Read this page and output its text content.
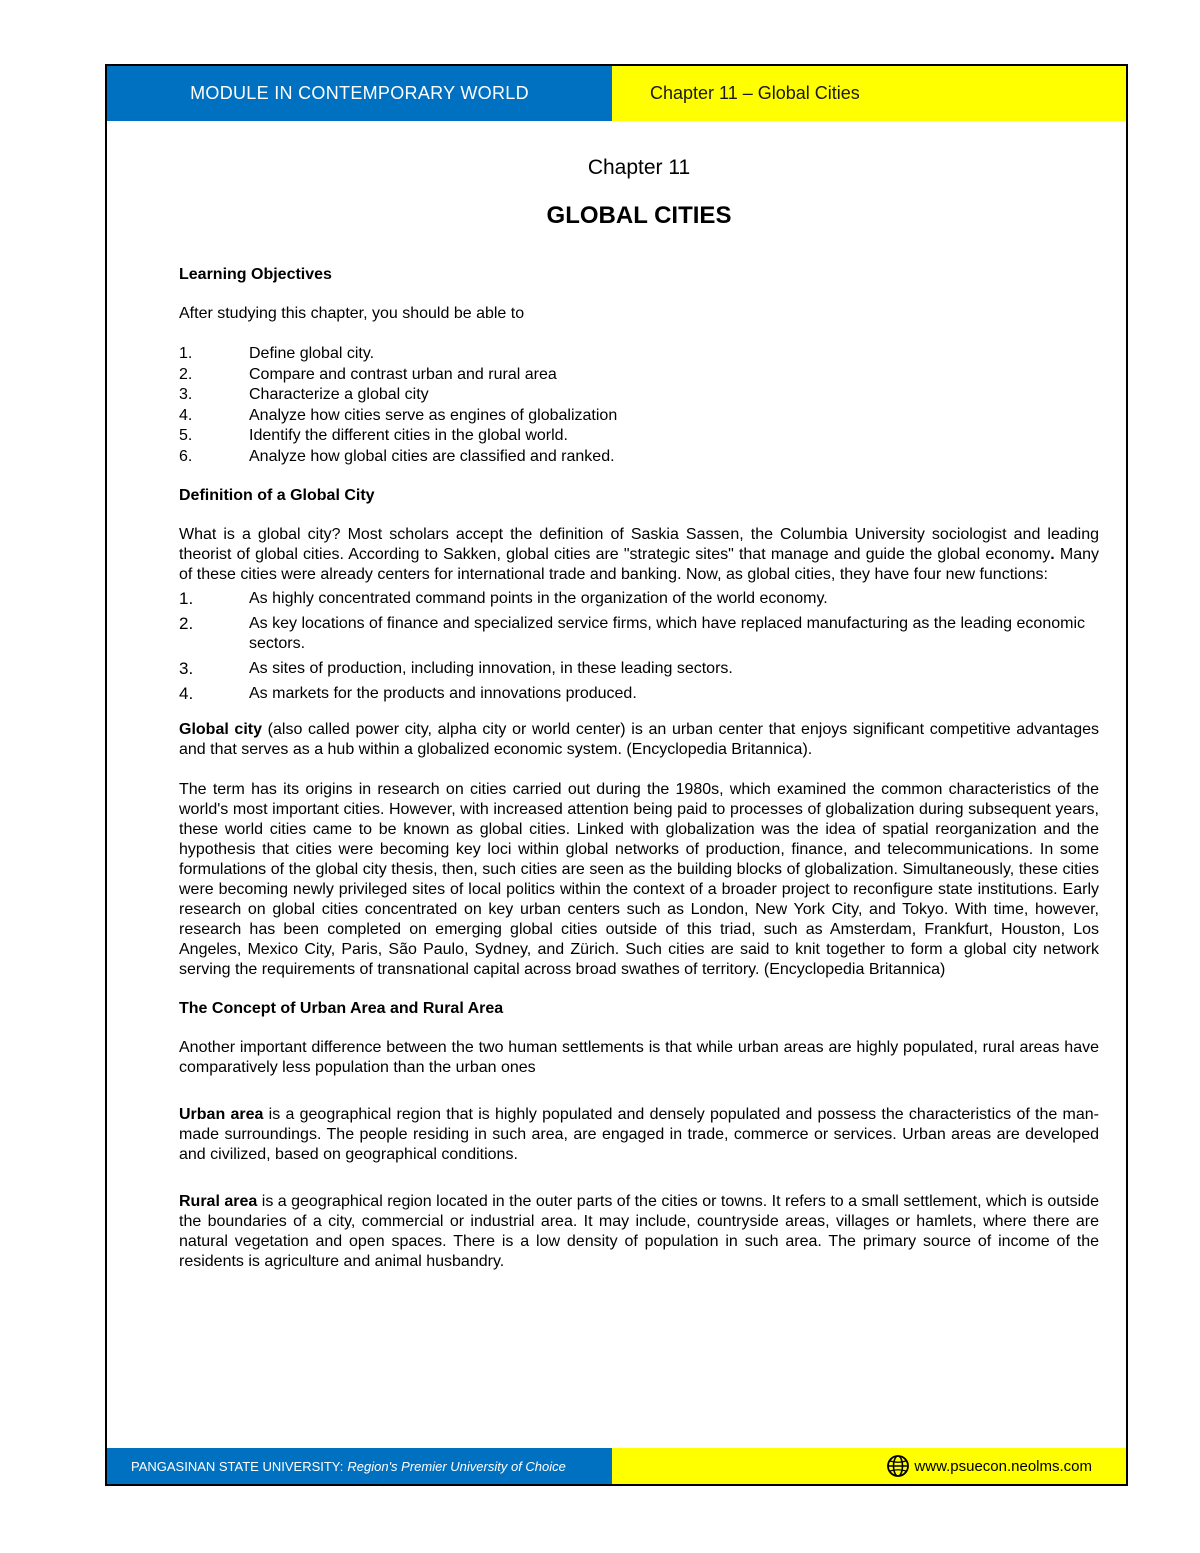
MODULE IN CONTEMPORARY WORLD	Chapter 11 – Global Cities
Chapter 11
GLOBAL CITIES
Learning Objectives

After studying this chapter, you should be able to

1.	Define global city.
2.	Compare and contrast urban and rural area
3.	Characterize a global city
4.	Analyze how cities serve as engines of globalization
5.	Identify the different cities in the global world.
6.	Analyze how global cities are classified and ranked.
Definition of a Global City

What is a global city? Most scholars accept the definition of Saskia Sassen, the Columbia University sociologist and leading theorist of global cities. According to Sakken, global cities are "strategic sites" that manage and guide the global economy. Many of these cities were already centers for international trade and banking. Now, as global cities, they have four new functions:

1.	As highly concentrated command points in the organization of the world economy.
2.	As key locations of finance and specialized service firms, which have replaced manufacturing as the leading economic sectors.
3.	As sites of production, including innovation, in these leading sectors.
4.	As markets for the products and innovations produced.

Global city (also called power city, alpha city or world center) is an urban center that enjoys significant competitive advantages and that serves as a hub within a globalized economic system. (Encyclopedia Britannica).

The term has its origins in research on cities carried out during the 1980s, which examined the common characteristics of the world's most important cities. However, with increased attention being paid to processes of globalization during subsequent years, these world cities came to be known as global cities. Linked with globalization was the idea of spatial reorganization and the hypothesis that cities were becoming key loci within global networks of production, finance, and telecommunications. In some formulations of the global city thesis, then, such cities are seen as the building blocks of globalization. Simultaneously, these cities were becoming newly privileged sites of local politics within the context of a broader project to reconfigure state institutions. Early research on global cities concentrated on key urban centers such as London, New York City, and Tokyo. With time, however, research has been completed on emerging global cities outside of this triad, such as Amsterdam, Frankfurt, Houston, Los Angeles, Mexico City, Paris, São Paulo, Sydney, and Zürich. Such cities are said to knit together to form a global city network serving the requirements of transnational capital across broad swathes of territory. (Encyclopedia Britannica)

The Concept of Urban Area and Rural Area

Another important difference between the two human settlements is that while urban areas are highly populated, rural areas have comparatively less population than the urban ones

Urban area is a geographical region that is highly populated and densely populated and possess the characteristics of the man-made surroundings. The people residing in such area, are engaged in trade, commerce or services. Urban areas are developed and civilized, based on geographical conditions.

Rural area is a geographical region located in the outer parts of the cities or towns. It refers to a small settlement, which is outside the boundaries of a city, commercial or industrial area. It may include, countryside areas, villages or hamlets, where there are natural vegetation and open spaces. There is a low density of population in such area. The primary source of income of the residents is agriculture and animal husbandry.

PANGASINAN STATE UNIVERSITY: Region's Premier University of Choice	www.psuecon.neolms.com
